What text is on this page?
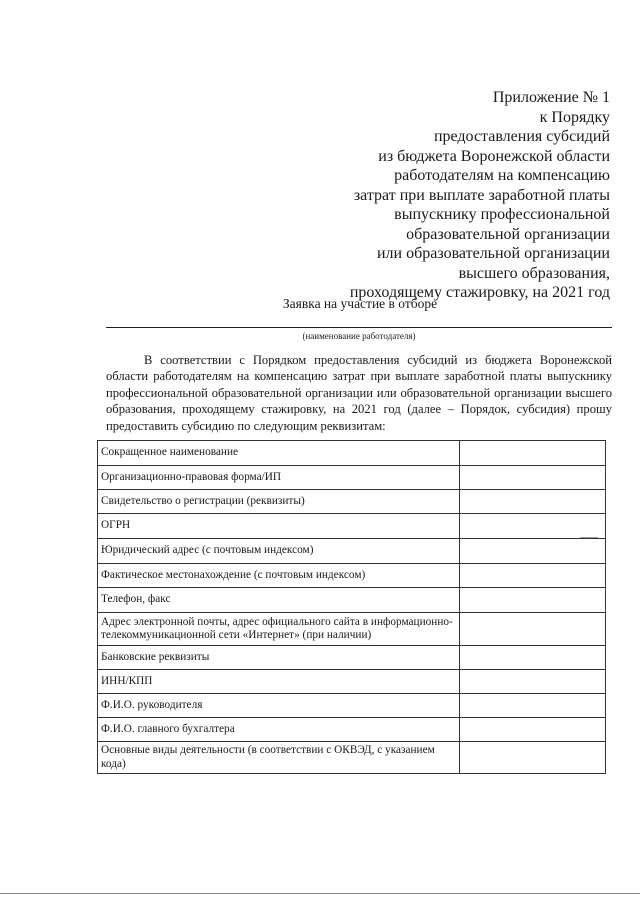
Приложение № 1
к Порядку
предоставления субсидий
из бюджета Воронежской области
работодателям на компенсацию
затрат при выплате заработной платы
выпускнику профессиональной
образовательной организации
или образовательной организации
высшего образования,
проходящему стажировку, на 2021 год
Заявка на участие в отборе
(наименование работодателя)
В соответствии с Порядком предоставления субсидий из бюджета Воронежской области работодателям на компенсацию затрат при выплате заработной платы выпускнику профессиональной образовательной организации или образовательной организации высшего образования, проходящему стажировку, на 2021 год (далее – Порядок, субсидия) прошу предоставить субсидию по следующим реквизитам:
Сокращенное наименование	
Организационно-правовая форма/ИП	
Свидетельство о регистрации (реквизиты)	
ОГРН	
Юридический адрес (с почтовым индексом)	
Фактическое местонахождение (с почтовым индексом)	
Телефон, факс	
Адрес электронной почты, адрес официального сайта в информационно-телекоммуникационной сети «Интернет» (при наличии)	
Банковские реквизиты	
ИНН/КПП	
Ф.И.О. руководителя	
Ф.И.О. главного бухгалтера	
Основные виды деятельности (в соответствии с ОКВЭД, с указанием кода)	
